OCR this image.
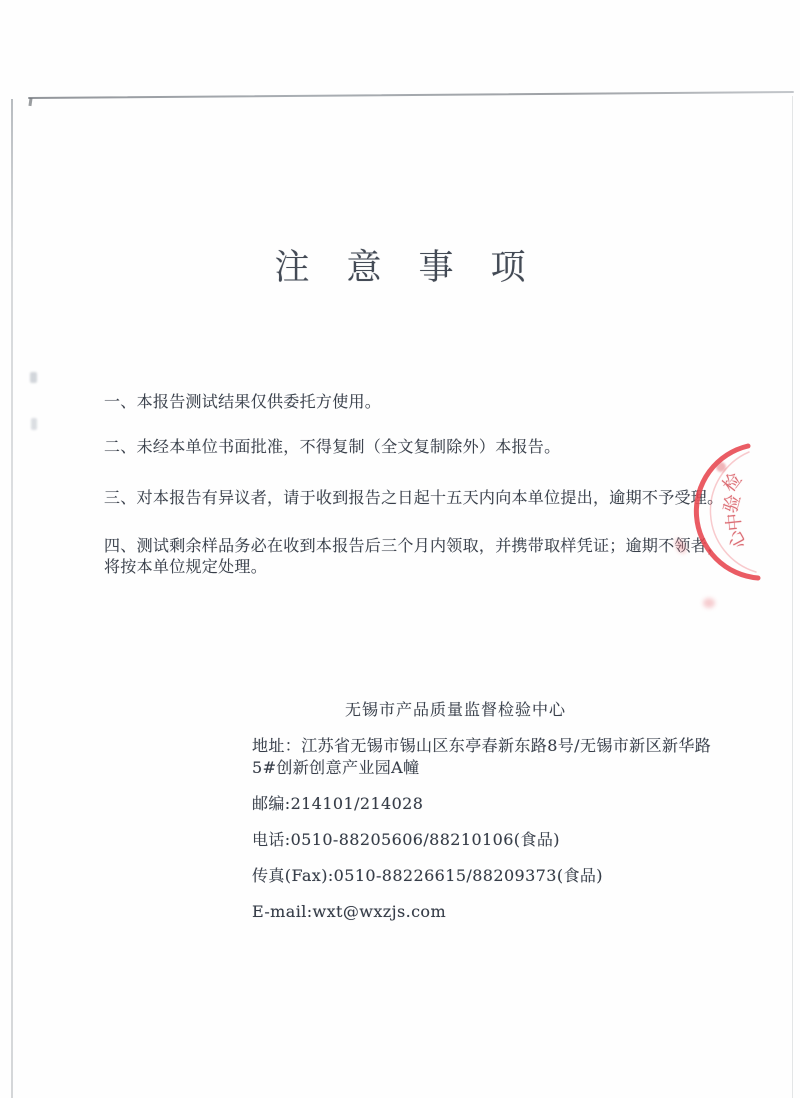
注意事项
一、本报告测试结果仅供委托方使用。
二、未经本单位书面批准，不得复制（全文复制除外）本报告。
三、对本报告有异议者，请于收到报告之日起十五天内向本单位提出，逾期不予受理。
四、测试剩余样品务必在收到本报告后三个月内领取，并携带取样凭证；逾期不领者，
将按本单位规定处理。
无锡市产品质量监督检验中心
地址：江苏省无锡市锡山区东亭春新东路8号/无锡市新区新华路
5#创新创意产业园A幢
邮编:214101/214028
电话:0510-88205606/88210106(食品)
传真(Fax):0510-88226615/88209373(食品)
E-mail:wxt@wxzjs.com
检
验
中
心
